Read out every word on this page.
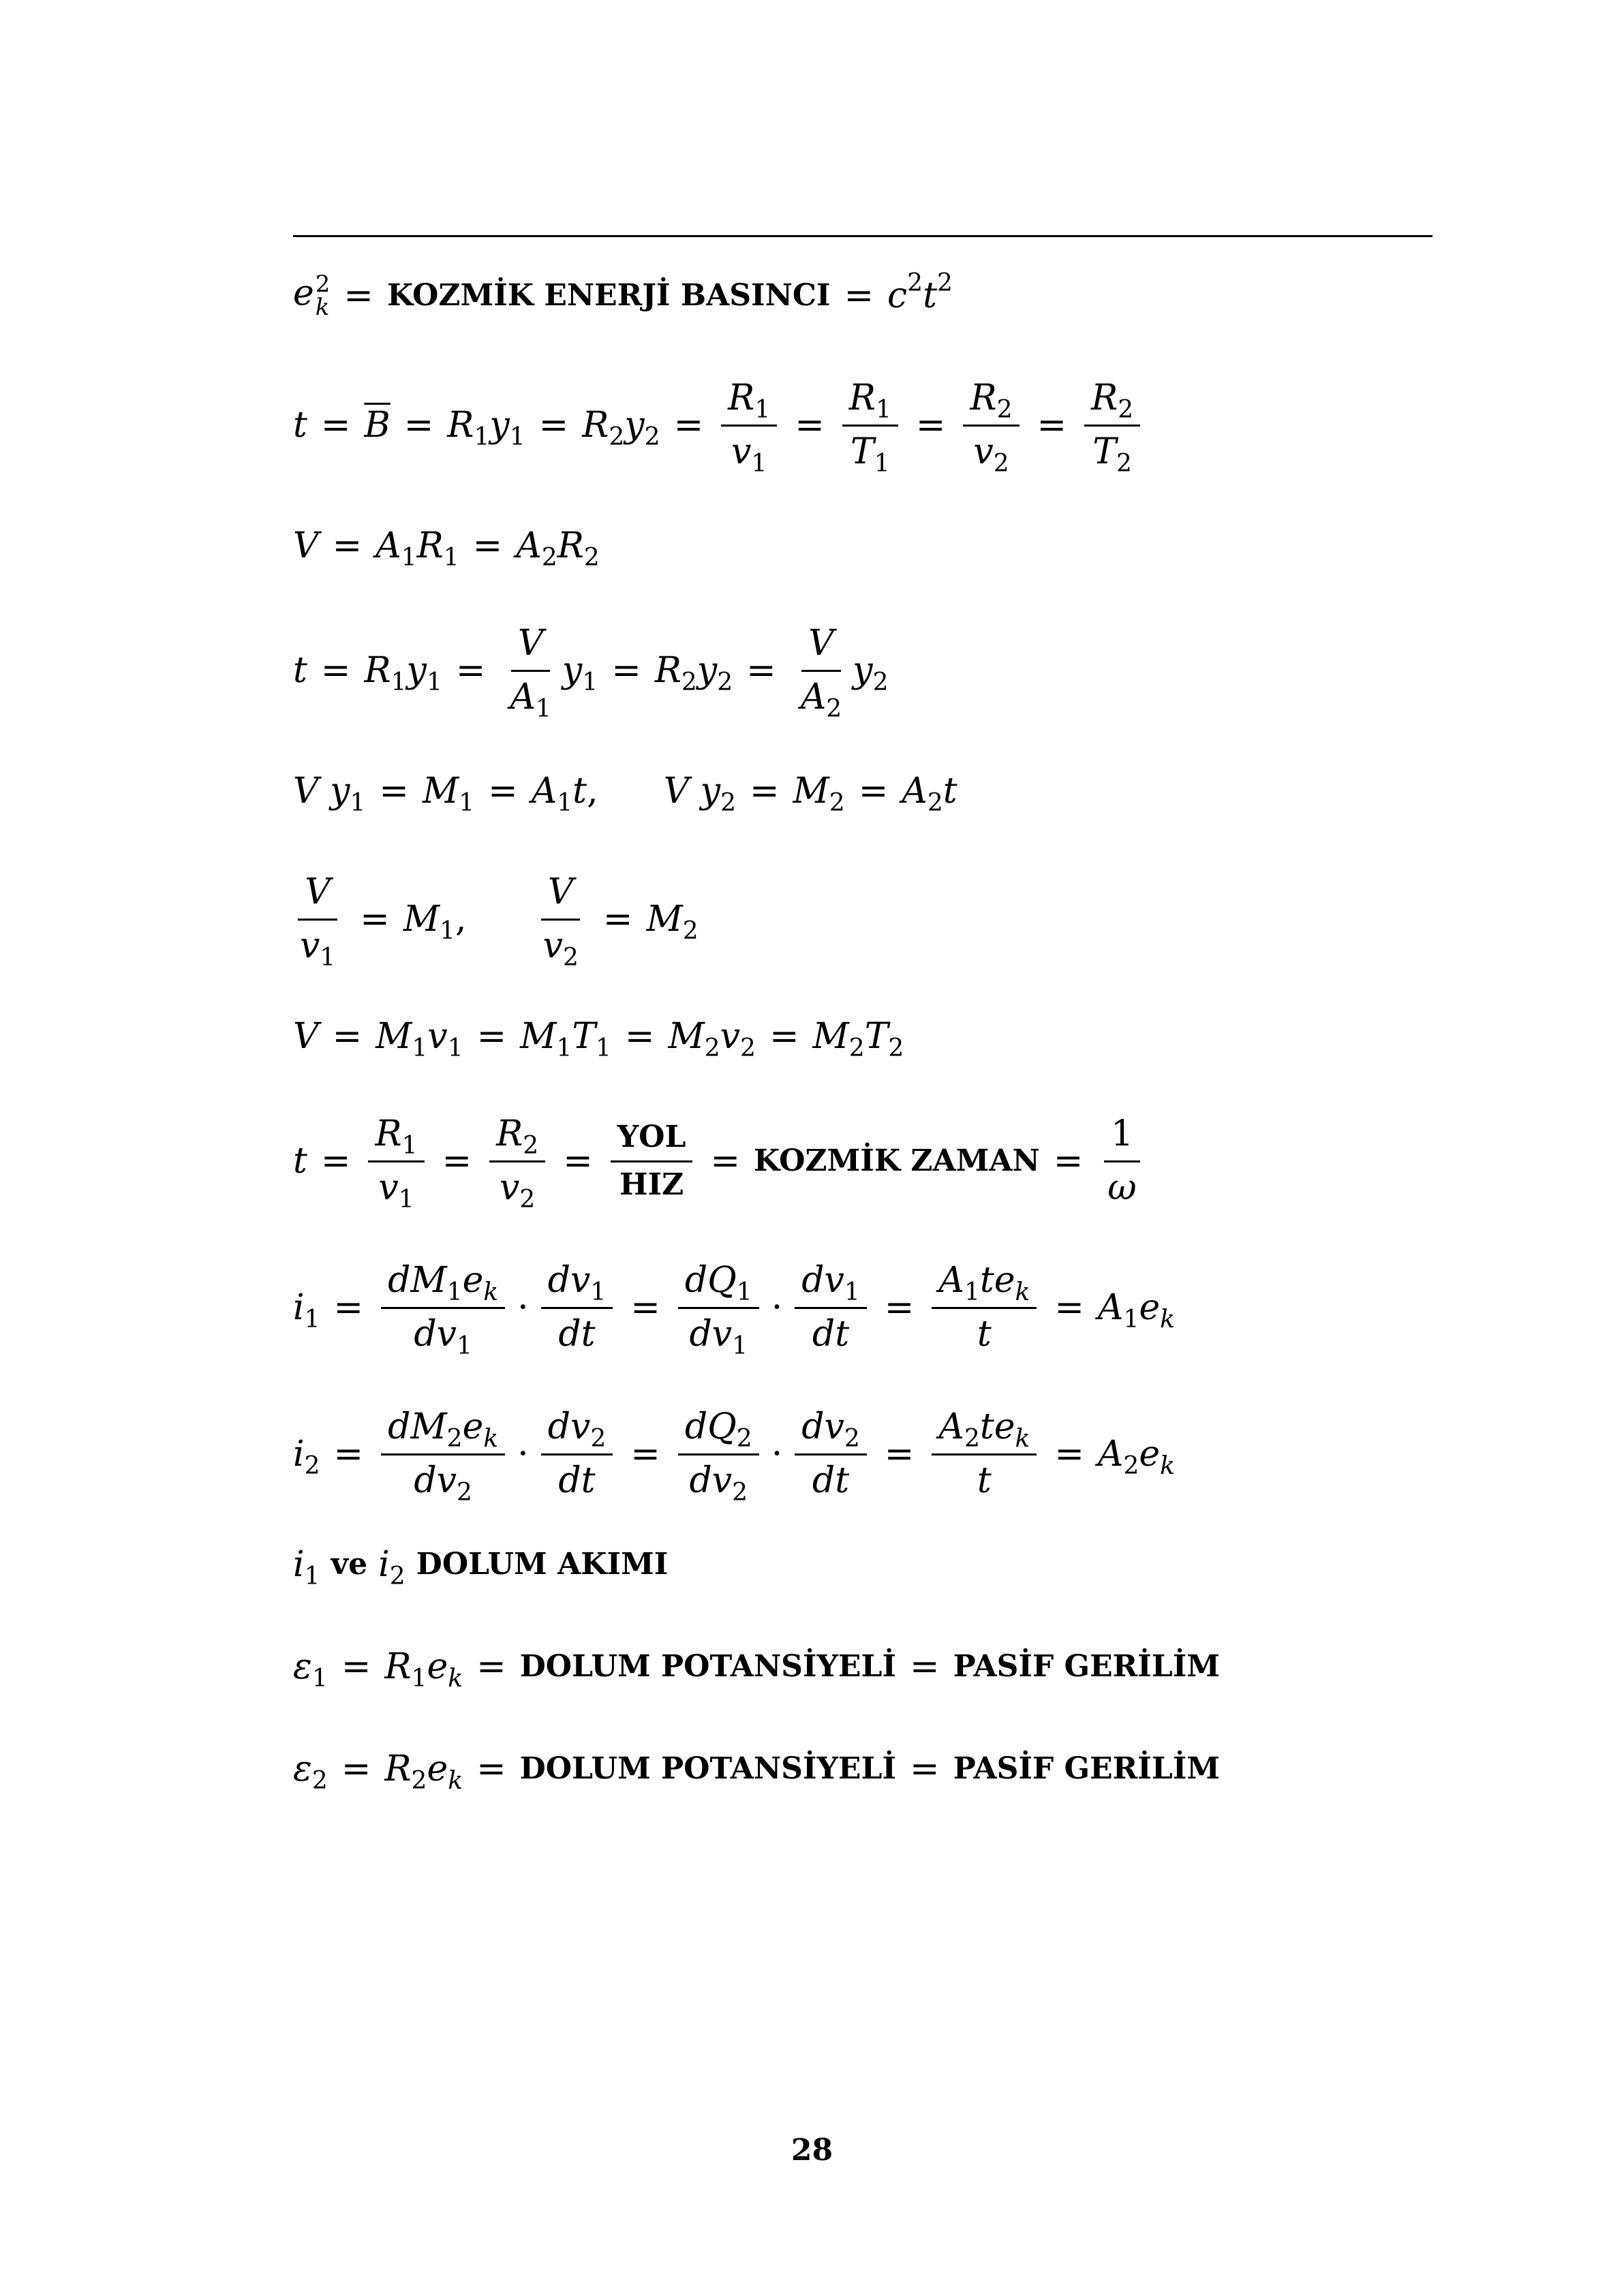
e 2
k = KOZMİK ENERJİ BASINCI = $c^2t^2$
$t = \overline{B} = R_1y_1 = R_2y_2 = \frac{R_1}{v_1} = \frac{R_1}{T_1} = \frac{R_2}{v_2} = \frac{R_2}{T_2}$
$V = A_1R_1 = A_2R_2$
$t = R_1y_1 = \frac{V}{A_1} y_1 = R_2y_2 = \frac{V}{A_2} y_2$
V $y_1 = M_1 = A_1t$, V $y_2 = M_2 = A_2t$
$\frac{V}{v_1} = M_1$, $\frac{V}{v_2} = M_2$
$V = M_1v_1 = M_1T_1 = M_2v_2 = M_2T_2$
$t = \frac{R_1}{v_1} = \frac{R_2}{v_2} = \frac{\text{YOL}}{\text{HIZ}}$ = KOZMİK ZAMAN = $\frac{1}{\omega}$
$i_1 = \frac{dM_1e_k}{dv_1} \cdot \frac{dv_1}{dt} = \frac{dQ_1}{dv_1} \cdot \frac{dv_1}{dt} = \frac{A_1te_k}{t} = A_1e_k$
$i_2 = \frac{dM_2e_k}{dv_2} \cdot \frac{dv_2}{dt} = \frac{dQ_2}{dv_2} \cdot \frac{dv_2}{dt} = \frac{A_2te_k}{t} = A_2e_k$
$i_1$ ve $i_2$ DOLUM AKIMI
$\varepsilon_1 = R_1e_k$ = DOLUM POTANSİYELİ = PASİF GERİLİM
$\varepsilon_2 = R_2e_k$ = DOLUM POTANSİYELİ = PASİF GERİLİM
28
